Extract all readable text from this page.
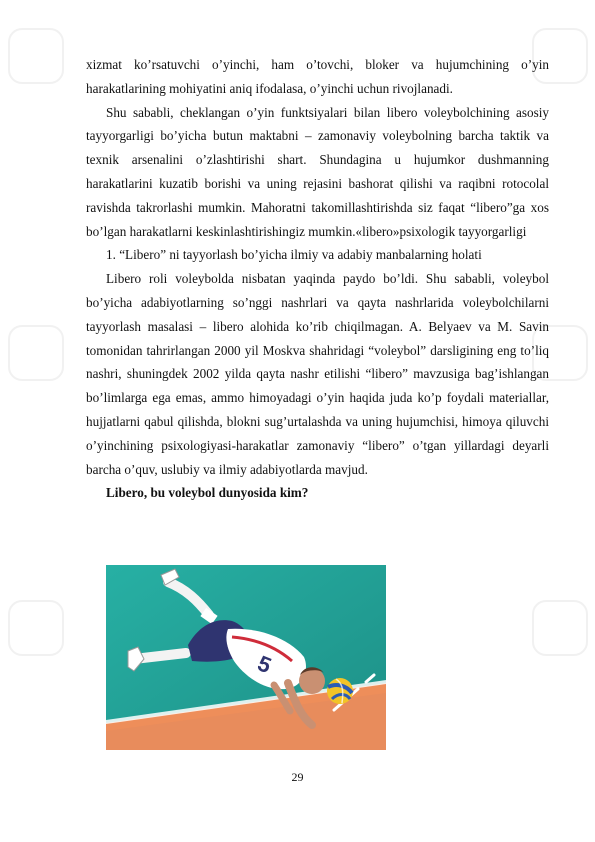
xizmat ko’rsatuvchi o’yinchi, ham o’tovchi, bloker va hujumchining o’yin harakatlarining mohiyatini aniq ifodalasa, o’yinchi uchun rivojlanadi.

Shu sababli, cheklangan o’yin funktsiyalari bilan libero voleybolchining asosiy tayyorgarligi bo’yicha butun maktabni – zamonaviy voleybolning barcha taktik va texnik arsenalini o’zlashtirishi shart. Shundagina u hujumkor dushmanning harakatlarini kuzatib borishi va uning rejasini bashorat qilishi va raqibni rotocolal ravishda takrorlashi mumkin. Mahoratni takomillashtirishda siz faqat “libero”ga xos bo’lgan harakatlarni keskinlashtirishingiz mumkin.«libero»psixologik tayyorgarligi

1. “Libero” ni tayyorlash bo’yicha ilmiy va adabiy manbalarning holati

Libero roli voleybolda nisbatan yaqinda paydo bo’ldi. Shu sababli, voleybol bo’yicha adabiyotlarning so’nggi nashrlari va qayta nashrlarida voleybolchilarni tayyorlash masalasi – libero alohida ko’rib chiqilmagan. A. Belyaev va M. Savin tomonidan tahrirlangan 2000 yil Moskva shahridagi “voleybol” darsligining eng to’liq nashri, shuningdek 2002 yilda qayta nashr etilishi “libero” mavzusiga bag’ishlangan bo’limlarga ega emas, ammo himoyadagi o’yin haqida juda ko’p foydali materiallar, hujjatlarni qabul qilishda, blokni sug’urtalashda va uning hujumchisi, himoya qiluvchi o’yinchining psixologiyasi-harakatlar zamonaviy “libero” o’tgan yillardagi deyarli barcha o’quv, uslubiy va ilmiy adabiyotlarda mavjud.

Libero, bu voleybol dunyosida kim?

5
29
